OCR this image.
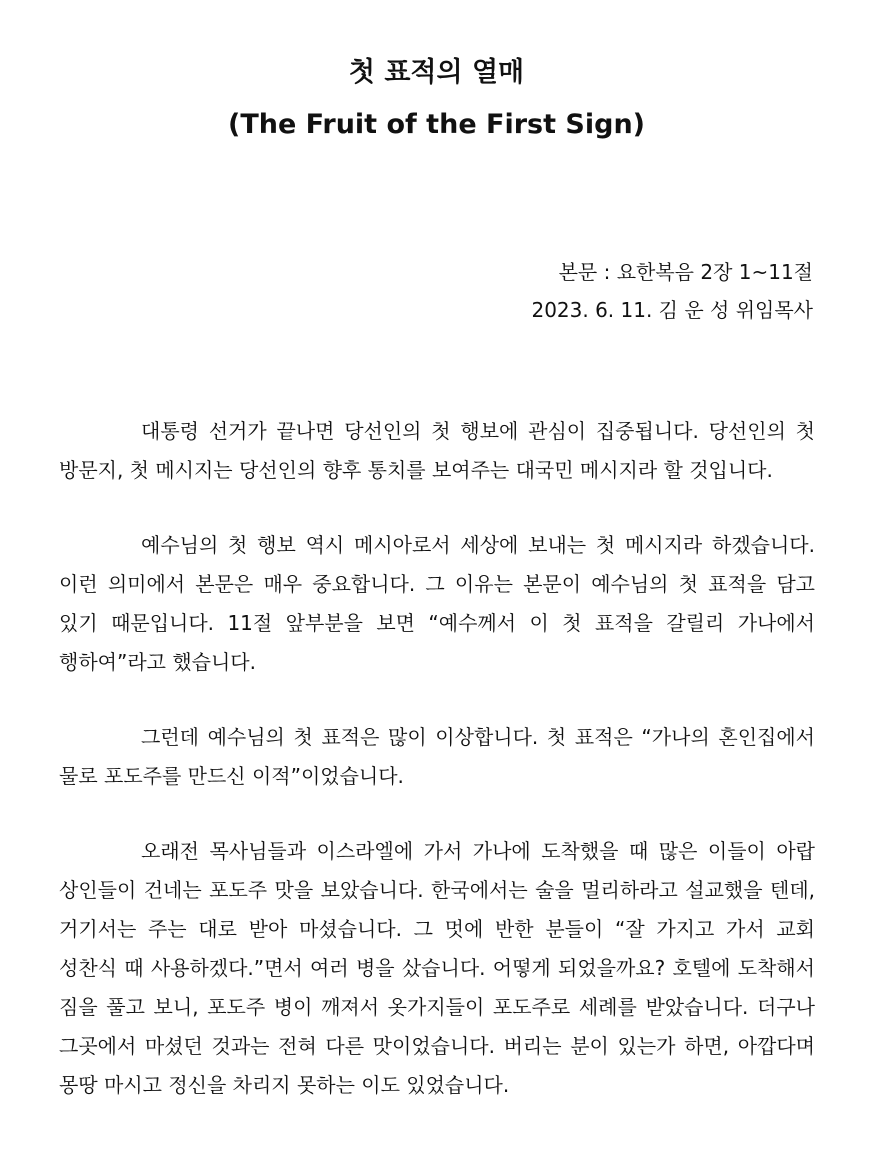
첫 표적의 열매
(The Fruit of the First Sign)

본문 : 요한복음 2장 1~11절

2023. 6. 11. 김 운 성 위임목사

대통령 선거가 끝나면 당선인의 첫 행보에 관심이 집중됩니다. 당선인의 첫 방문지, 첫 메시지는 당선인의 향후 통치를 보여주는 대국민 메시지라 할 것입니다.

예수님의 첫 행보 역시 메시아로서 세상에 보내는 첫 메시지라 하겠습니다. 이런 의미에서 본문은 매우 중요합니다. 그 이유는 본문이 예수님의 첫 표적을 담고 있기 때문입니다. 11절 앞부분을 보면 “예수께서 이 첫 표적을 갈릴리 가나에서 행하여”라고 했습니다.

그런데 예수님의 첫 표적은 많이 이상합니다. 첫 표적은 “가나의 혼인집에서 물로 포도주를 만드신 이적”이었습니다.

오래전 목사님들과 이스라엘에 가서 가나에 도착했을 때 많은 이들이 아랍 상인들이 건네는 포도주 맛을 보았습니다. 한국에서는 술을 멀리하라고 설교했을 텐데, 거기서는 주는 대로 받아 마셨습니다. 그 멋에 반한 분들이 “잘 가지고 가서 교회 성찬식 때 사용하겠다.”면서 여러 병을 샀습니다. 어떻게 되었을까요? 호텔에 도착해서 짐을 풀고 보니, 포도주 병이 깨져서 옷가지들이 포도주로 세례를 받았습니다. 더구나 그곳에서 마셨던 것과는 전혀 다른 맛이었습니다. 버리는 분이 있는가 하면, 아깝다며 몽땅 마시고 정신을 차리지 못하는 이도 있었습니다.
